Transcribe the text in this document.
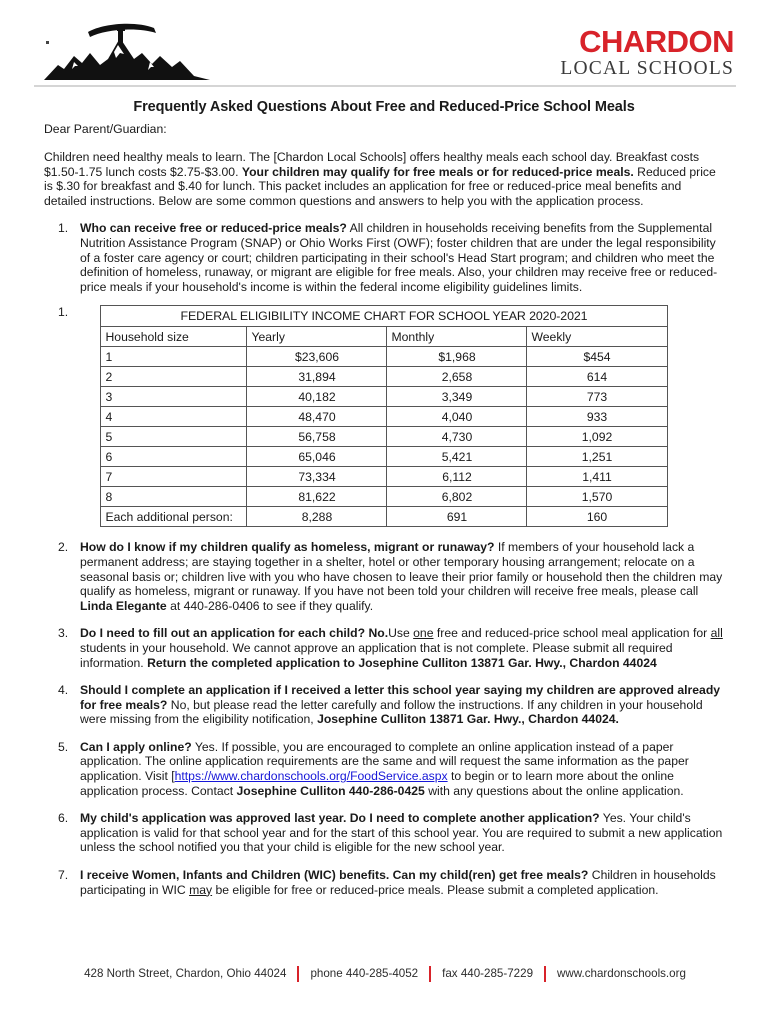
CHARDON
LOCAL SCHOOLS
Frequently Asked Questions About Free and Reduced-Price School Meals
Dear Parent/Guardian:

Children need healthy meals to learn. The [Chardon Local Schools] offers healthy meals each school day. Breakfast costs $1.50-1.75 lunch costs $2.75-$3.00. Your children may qualify for free meals or for reduced-price meals. Reduced price is $.30 for breakfast and $.40 for lunch. This packet includes an application for free or reduced-price meal benefits and detailed instructions. Below are some common questions and answers to help you with the application process.

Who can receive free or reduced-price meals? All children in households receiving benefits from the Supplemental Nutrition Assistance Program (SNAP) or Ohio Works First (OWF); foster children that are under the legal responsibility of a foster care agency or court; children participating in their school's Head Start program; and children who meet the definition of homeless, runaway, or migrant are eligible for free meals. Also, your children may receive free or reduced-price meals if your household's income is within the federal income eligibility guidelines limits.
FEDERAL ELIGIBILITY INCOME CHART FOR SCHOOL YEAR 2020-2021			
Household size	Yearly	Monthly	Weekly
1	$23,606	$1,968	$454
2	31,894	2,658	614
3	40,182	3,349	773
4	48,470	4,040	933
5	56,758	4,730	1,092
6	65,046	5,421	1,251
7	73,334	6,112	1,411
8	81,622	6,802	1,570
Each additional person:	8,288	691	160
How do I know if my children qualify as homeless, migrant or runaway? If members of your household lack a permanent address; are staying together in a shelter, hotel or other temporary housing arrangement; relocate on a seasonal basis or; children live with you who have chosen to leave their prior family or household then the children may qualify as homeless, migrant or runaway. If you have not been told your children will receive free meals, please call Linda Elegante at 440-286-0406 to see if they qualify.
Do I need to fill out an application for each child? No.Use one free and reduced-price school meal application for all students in your household. We cannot approve an application that is not complete. Please submit all required information. Return the completed application to Josephine Culliton 13871 Gar. Hwy., Chardon 44024
Should I complete an application if I received a letter this school year saying my children are approved already for free meals? No, but please read the letter carefully and follow the instructions. If any children in your household were missing from the eligibility notification, Josephine Culliton 13871 Gar. Hwy., Chardon 44024.
Can I apply online? Yes. If possible, you are encouraged to complete an online application instead of a paper application. The online application requirements are the same and will request the same information as the paper application. Visit [https://www.chardonschools.org/FoodService.aspx to begin or to learn more about the online application process. Contact Josephine Culliton 440-286-0425 with any questions about the online application.
My child's application was approved last year. Do I need to complete another application? Yes. Your child's application is valid for that school year and for the start of this school year. You are required to submit a new application unless the school notified you that your child is eligible for the new school year.
I receive Women, Infants and Children (WIC) benefits. Can my child(ren) get free meals? Children in households participating in WIC may be eligible for free or reduced-price meals. Please submit a completed application.
428 North Street, Chardon, Ohio 44024	phone 440-285-4052	fax 440-285-7229	www.chardonschools.org
